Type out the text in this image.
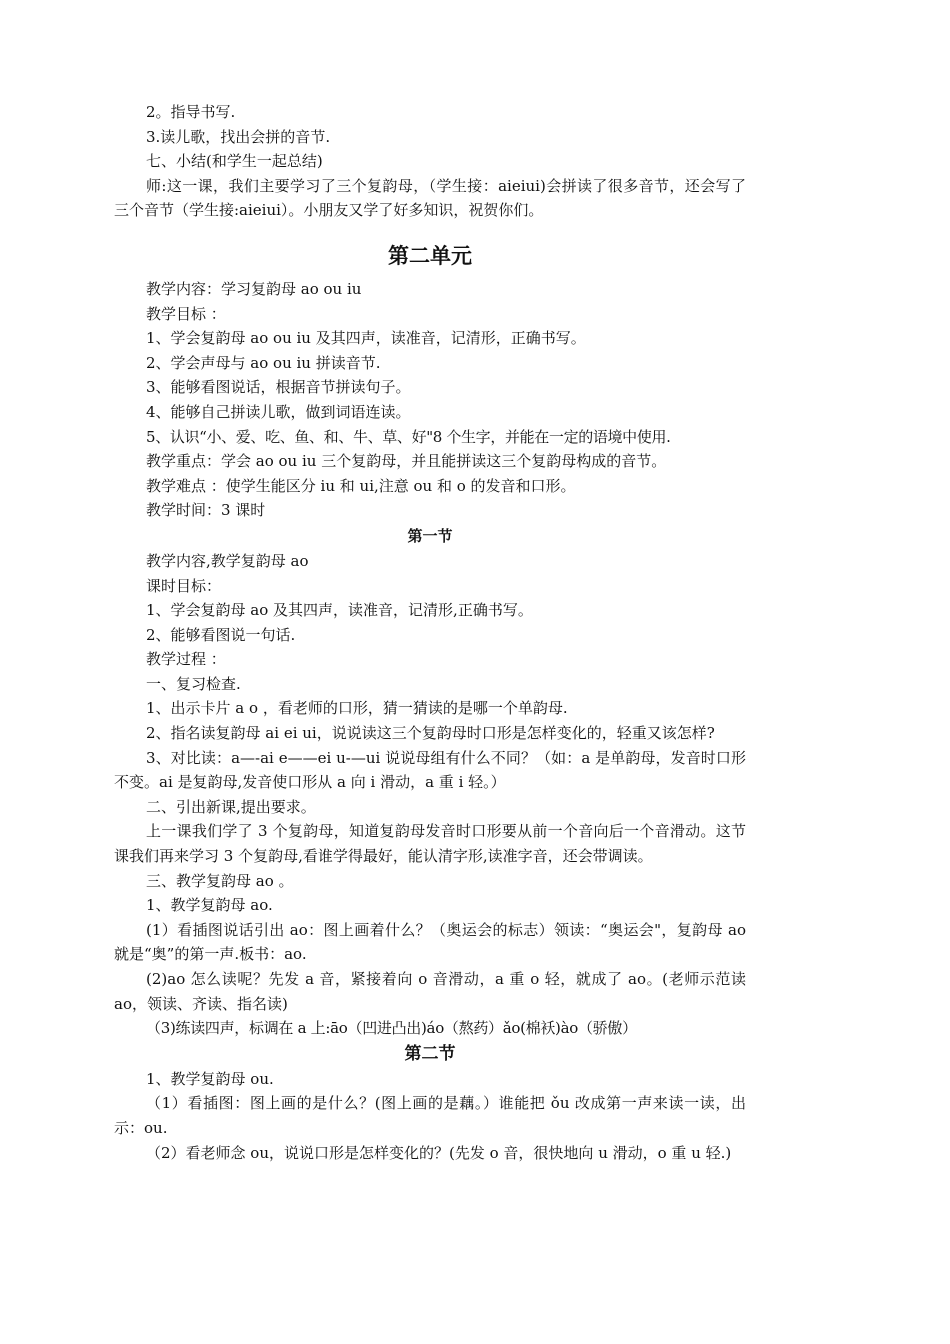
2。指导书写.

3.读儿歌，找出会拼的音节.

七、小结(和学生一起总结)

师:这一课，我们主要学习了三个复韵母，（学生接：aieiui)会拼读了很多音节，还会写了三个音节（学生接:aieiui）。小朋友又学了好多知识，祝贺你们。

第二单元

教学内容：学习复韵母 ao ou iu

教学目标 ：

1、学会复韵母 ao ou iu 及其四声，读准音，记清形，正确书写。

2、学会声母与 ao ou iu 拼读音节.

3、能够看图说话，根据音节拼读句子。

4、能够自己拼读儿歌，做到词语连读。

5、认识“小、爱、吃、鱼、和、牛、草、好"8 个生字，并能在一定的语境中使用.

教学重点：学会 ao ou iu 三个复韵母，并且能拼读这三个复韵母构成的音节。

教学难点 ：使学生能区分 iu 和 ui,注意 ou 和 o 的发音和口形。

教学时间：3 课时

第一节

教学内容,教学复韵母 ao

课时目标：

1、学会复韵母 ao 及其四声，读准音，记清形,正确书写。

2、能够看图说一句话.

教学过程 ：

一、复习检查.

1、出示卡片 a o ，看老师的口形，猜一猜读的是哪一个单韵母.

2、指名读复韵母 ai ei ui，说说读这三个复韵母时口形是怎样变化的，轻重又该怎样?

3、对比读：a—-ai e——ei u-—ui 说说母组有什么不同？（如：a 是单韵母，发音时口形不变。ai 是复韵母,发音使口形从 a 向 i 滑动，a 重 i 轻。）

二、引出新课,提出要求。

上一课我们学了 3 个复韵母，知道复韵母发音时口形要从前一个音向后一个音滑动。这节课我们再来学习 3 个复韵母,看谁学得最好，能认清字形,读准字音，还会带调读。

三、教学复韵母 ao 。

1、教学复韵母 ao.

(1）看插图说话引出 ao：图上画着什么？（奥运会的标志）领读：“奥运会"，复韵母 ao 就是“奥”的第一声.板书：ao.

(2)ao 怎么读呢？先发 a 音，紧接着向 o 音滑动，a 重 o 轻，就成了 ao。(老师示范读 ao，领读、齐读、指名读)

（3)练读四声，标调在 a 上:āo（凹进凸出)áo（熬药）ǎo(棉袄)ào（骄傲）

第二节

1、教学复韵母 ou.

（1）看插图：图上画的是什么？(图上画的是藕。）谁能把 ǒu 改成第一声来读一读，出示：ou.

（2）看老师念 ou，说说口形是怎样变化的？(先发 o 音，很快地向 u 滑动，o 重 u 轻.)
